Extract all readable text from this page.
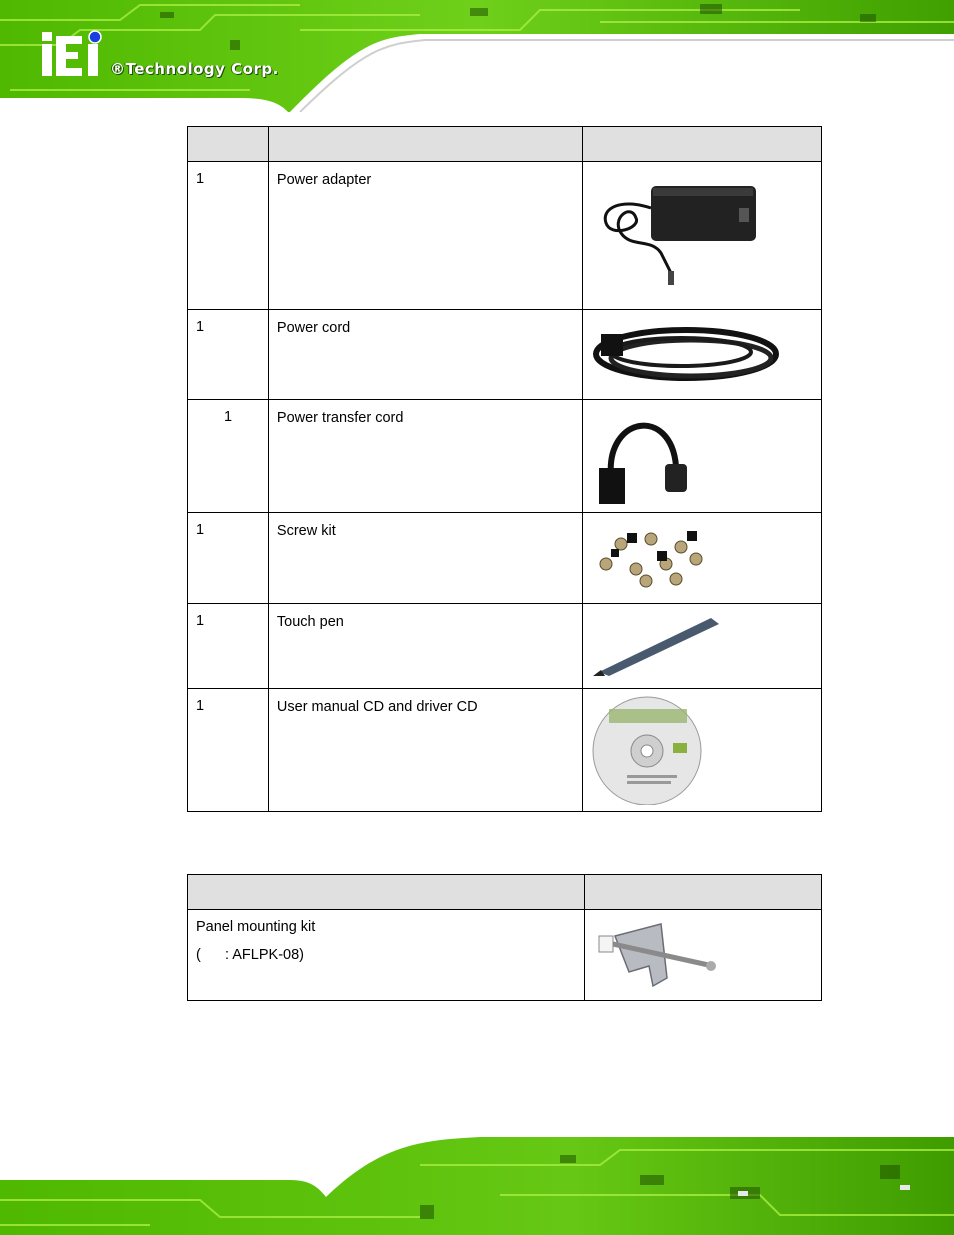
®Technology Corp.

1	Power adapter	

1	Power cord	

1	Power transfer cord	

1	Screw kit	

1	Touch pen	

1	User manual CD and driver CD	

Panel mounting kit
(      : AFLPK-08)
